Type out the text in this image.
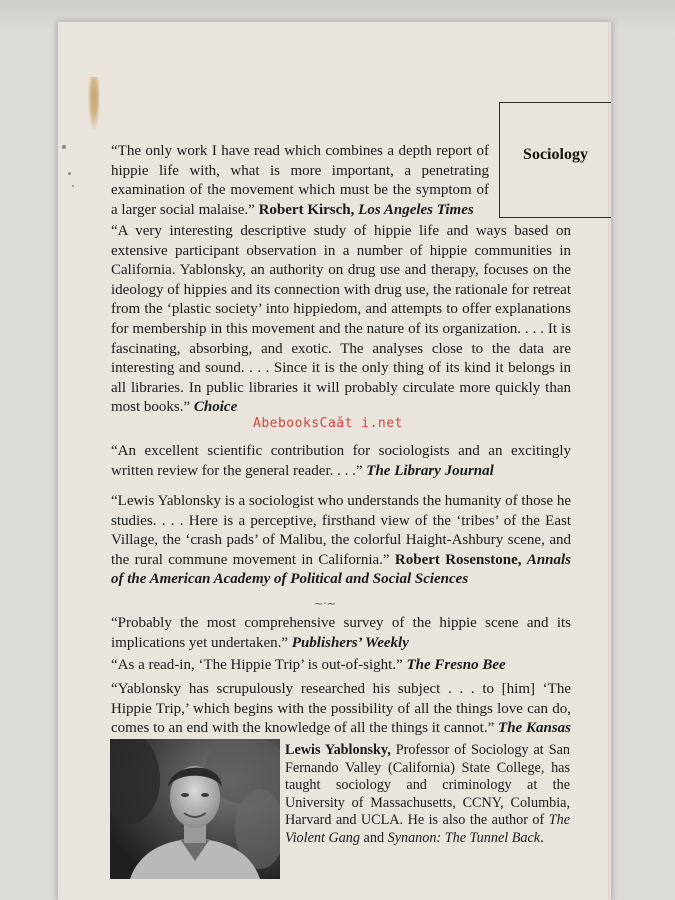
Sociology

“The only work I have read which combines a depth report of hippie life with, what is more important, a penetrating examination of the movement which must be the symptom of a larger social malaise.” Robert Kirsch, Los Angeles Times

“A very interesting descriptive study of hippie life and ways based on extensive participant observation in a number of hippie communities in California. Yablonsky, an authority on drug use and therapy, focuses on the ideology of hippies and its connection with drug use, the rationale for retreat from the ‘plastic society’ into hippiedom, and attempts to offer explanations for membership in this movement and the nature of its organization. . . . It is fascinating, absorbing, and exotic. The analyses close to the data are interesting and sound. . . . Since it is the only thing of its kind it belongs in all libraries. In public libraries it will probably circulate more quickly than most books.” Choice

“An excellent scientific contribution for sociologists and an excitingly written review for the general reader. . . .” The Library Journal

“Lewis Yablonsky is a sociologist who understands the humanity of those he studies. . . . Here is a perceptive, firsthand view of the ‘tribes’ of the East Village, the ‘crash pads’ of Malibu, the colorful Haight-Ashbury scene, and the rural commune movement in California.” Robert Rosenstone, Annals of the American Academy of Political and Social Sciences

~·~

“Probably the most comprehensive survey of the hippie scene and its implications yet undertaken.” Publishers’ Weekly

“As a read-in, ‘The Hippie Trip’ is out-of-sight.” The Fresno Bee

“Yablonsky has scrupulously researched his subject . . . to [him] ‘The Hippie Trip,’ which begins with the possibility of all the things love can do, comes to an end with the knowledge of all the things it cannot.” The Kansas

AbebooksCaåt i.net

Lewis Yablonsky, Professor of Sociology at San Fernando Valley (California) State College, has taught sociology and criminology at the University of Massachusetts, CCNY, Columbia, Harvard and UCLA. He is also the author of The Violent Gang and Synanon: The Tunnel Back.
